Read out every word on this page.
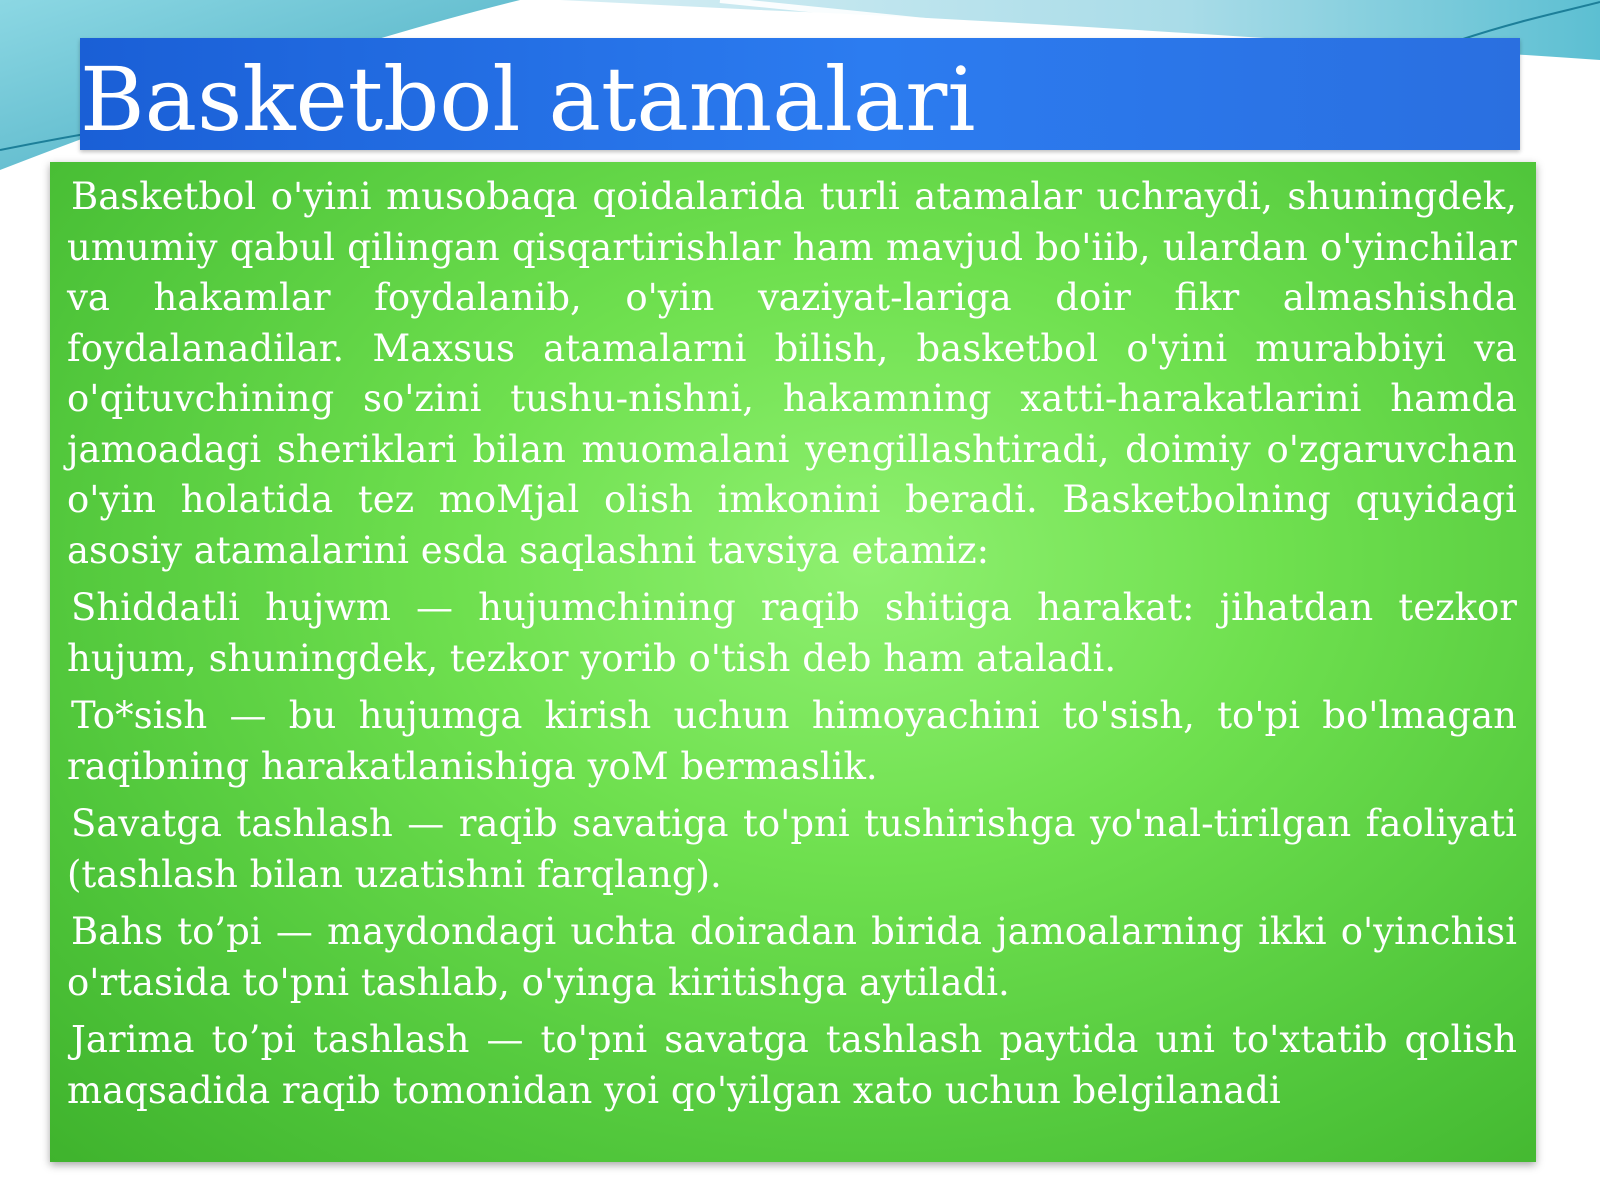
Basketbol atamalari

Basketbol o'yini musobaqa qoidalarida turli atamalar uchraydi, shuningdek, umumiy qabul qilingan qisqartirishlar ham mavjud bo'iib, ulardan o'yinchilar va hakamlar foydalanib, o'yin vaziyat-lariga doir fikr almashishda foydalanadilar. Maxsus atamalarni bilish, basketbol o'yini murabbiyi va o'qituvchining so'zini tushu-nishni, hakamning xatti-harakatlarini hamda jamoadagi sheriklari bilan muomalani yengillashtiradi, doimiy o'zgaruvchan o'yin holatida tez moMjal olish imkonini beradi. Basketbolning quyidagi asosiy atamalarini esda saqlashni tavsiya etamiz:

Shiddatli hujwm — hujumchining raqib shitiga harakat: jihatdan tezkor hujum, shuningdek, tezkor yorib o'tish deb ham ataladi.

To*sish — bu hujumga kirish uchun himoyachini to'sish, to'pi bo'lmagan raqibning harakatlanishiga yoM bermaslik.

Savatga tashlash — raqib savatiga to'pni tushirishga yo'nal-tirilgan faoliyati (tashlash bilan uzatishni farqlang).

Bahs to’pi — maydondagi uchta doiradan birida jamoalarning ikki o'yinchisi o'rtasida to'pni tashlab, o'yinga kiritishga aytiladi.

Jarima to’pi tashlash — to'pni savatga tashlash paytida uni to'xtatib qolish maqsadida raqib tomonidan yoi qo'yilgan xato uchun belgilanadi
